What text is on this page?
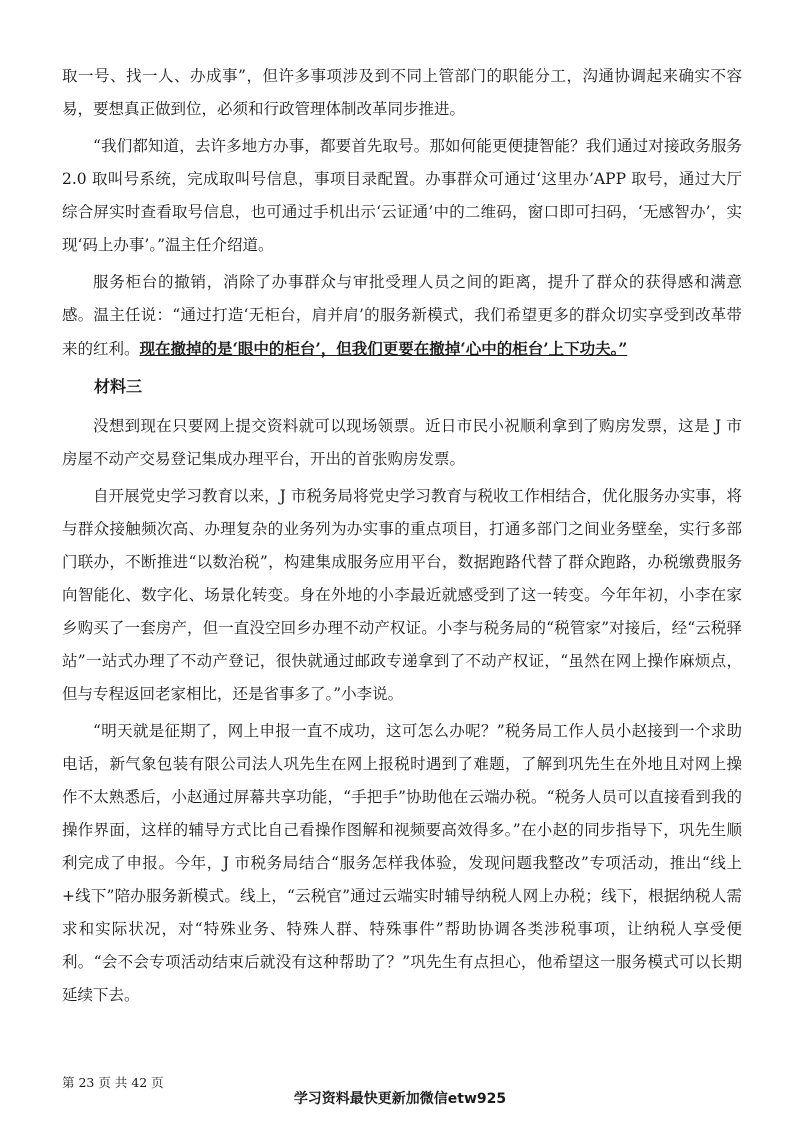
取一号、找一人、办成事”，但许多事项涉及到不同上管部门的职能分工，沟通协调起来确实不容易，要想真正做到位，必须和行政管理体制改革同步推进。

“我们都知道，去许多地方办事，都要首先取号。那如何能更便捷智能？我们通过对接政务服务 2.0 取叫号系统，完成取叫号信息，事项目录配置。办事群众可通过‘这里办’APP 取号，通过大厅综合屏实时查看取号信息，也可通过手机出示‘云证通’中的二维码，窗口即可扫码，‘无感智办’，实现‘码上办事’。”温主任介绍道。

服务柜台的撤销，消除了办事群众与审批受理人员之间的距离，提升了群众的获得感和满意感。温主任说：“通过打造‘无柜台，肩并肩’的服务新模式，我们希望更多的群众切实享受到改革带来的红利。现在撤掉的是‘眼中的柜台’，但我们更要在撤掉‘心中的柜台’上下功夫。”

材料三

没想到现在只要网上提交资料就可以现场领票。近日市民小祝顺利拿到了购房发票，这是 J 市房屋不动产交易登记集成办理平台，开出的首张购房发票。

自开展党史学习教育以来，J 市税务局将党史学习教育与税收工作相结合，优化服务办实事，将与群众接触频次高、办理复杂的业务列为办实事的重点项目，打通多部门之间业务壁垒，实行多部门联办，不断推进“以数治税”，构建集成服务应用平台，数据跑路代替了群众跑路，办税缴费服务向智能化、数字化、场景化转变。身在外地的小李最近就感受到了这一转变。今年年初，小李在家乡购买了一套房产，但一直没空回乡办理不动产权证。小李与税务局的“税管家”对接后，经“云税驿站”一站式办理了不动产登记，很快就通过邮政专递拿到了不动产权证，“虽然在网上操作麻烦点，但与专程返回老家相比，还是省事多了。”小李说。

“明天就是征期了，网上申报一直不成功，这可怎么办呢？”税务局工作人员小赵接到一个求助电话，新气象包装有限公司法人巩先生在网上报税时遇到了难题，了解到巩先生在外地且对网上操作不太熟悉后，小赵通过屏幕共享功能，“手把手”协助他在云端办税。“税务人员可以直接看到我的操作界面，这样的辅导方式比自己看操作图解和视频要高效得多。”在小赵的同步指导下，巩先生顺利完成了申报。今年，J 市税务局结合“服务怎样我体验，发现问题我整改”专项活动，推出“线上+线下”陪办服务新模式。线上，“云税官”通过云端实时辅导纳税人网上办税；线下，根据纳税人需求和实际状况，对“特殊业务、特殊人群、特殊事件”帮助协调各类涉税事项，让纳税人享受便利。“会不会专项活动结束后就没有这种帮助了？”巩先生有点担心，他希望这一服务模式可以长期延续下去。

第 23 页 共 42 页
学习资料最快更新加微信etw925
